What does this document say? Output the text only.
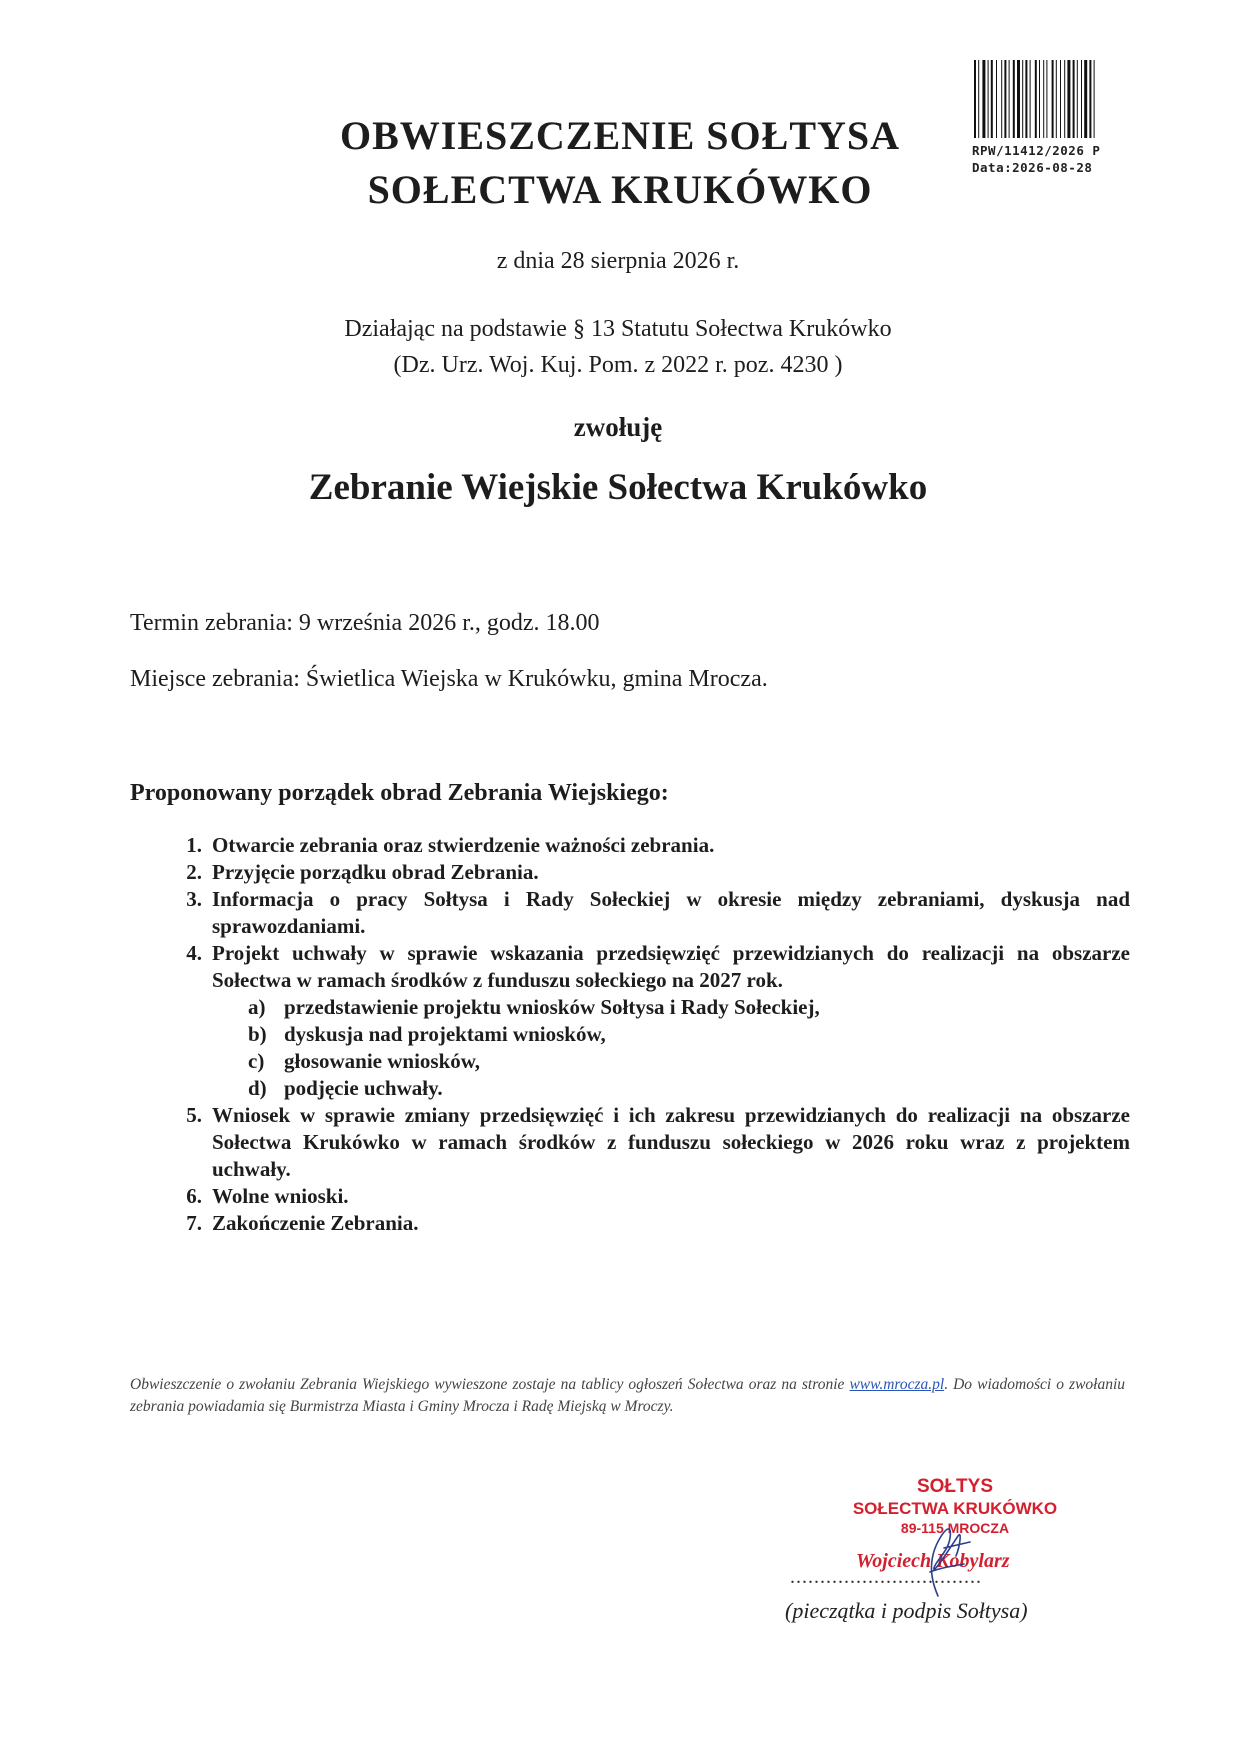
RPW/11412/2026 P
Data:2026-08-28
OBWIESZCZENIE SOŁTYSA
SOŁECTWA KRUKÓWKO
z dnia 28 sierpnia 2026 r.
Działając na podstawie § 13 Statutu Sołectwa Krukówko
(Dz. Urz. Woj. Kuj. Pom. z 2022 r. poz. 4230 )
zwołuję
Zebranie Wiejskie Sołectwa Krukówko
Termin zebrania: 9 września 2026 r., godz. 18.00
Miejsce zebrania: Świetlica Wiejska w Krukówku, gmina Mrocza.
Proponowany porządek obrad Zebrania Wiejskiego:
1. Otwarcie zebrania oraz stwierdzenie ważności zebrania.
2. Przyjęcie porządku obrad Zebrania.
3. Informacja o pracy Sołtysa i Rady Sołeckiej w okresie między zebraniami, dyskusja nad sprawozdaniami.
4. Projekt uchwały w sprawie wskazania przedsięwzięć przewidzianych do realizacji na obszarze Sołectwa w ramach środków z funduszu sołeckiego na 2027 rok.
a) przedstawienie projektu wniosków Sołtysa i Rady Sołeckiej,
b) dyskusja nad projektami wniosków,
c) głosowanie wniosków,
d) podjęcie uchwały.
5. Wniosek w sprawie zmiany przedsięwzięć i ich zakresu przewidzianych do realizacji na obszarze Sołectwa Krukówko w ramach środków z funduszu sołeckiego w 2026 roku wraz z projektem uchwały.
6. Wolne wnioski.
7. Zakończenie Zebrania.
Obwieszczenie o zwołaniu Zebrania Wiejskiego wywieszone zostaje na tablicy ogłoszeń Sołectwa oraz na stronie www.mrocza.pl. Do wiadomości o zwołaniu zebrania powiadamia się Burmistrza Miasta i Gminy Mrocza i Radę Miejską w Mroczy.
SOŁTYS
SOŁECTWA KRUKÓWKO
89-115 MROCZA
Wojciech Kobylarz
................................
(pieczątka i podpis Sołtysa)
